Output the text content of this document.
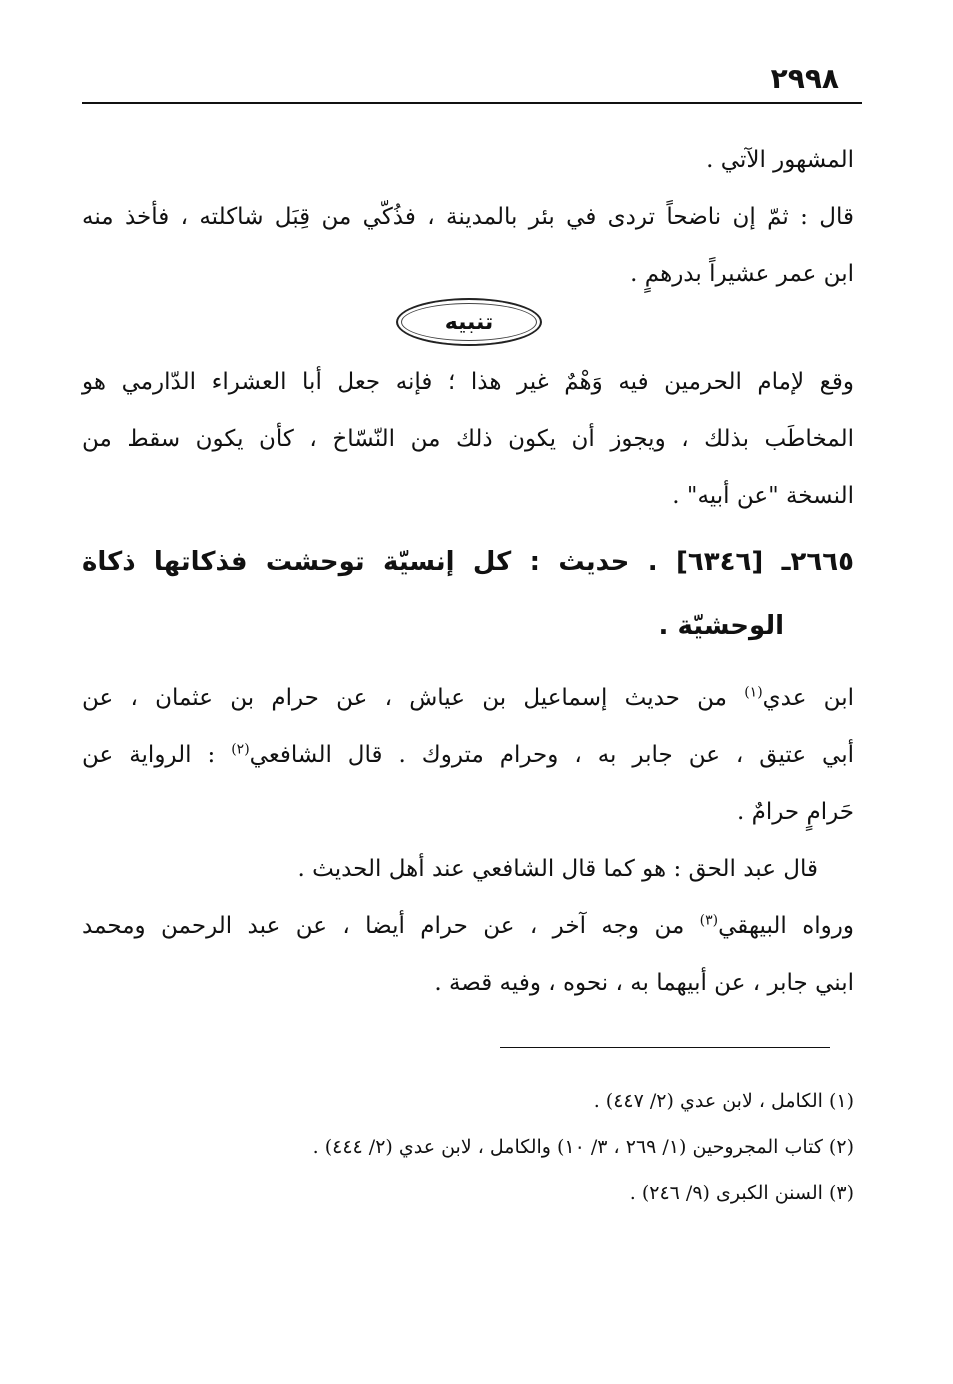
٢٩٩٨
المشهور الآتي .
قال : ثمّ إن ناضحاً تردى في بئر بالمدينة ، فذُكّي من قِبَل شاكلته ، فأخذ منه
ابن عمر عشيراً بدرهمٍ .
تنبيه
وقع لإمام الحرمين فيه وَهْمٌ غير هذا ؛ فإنه جعل أبا العشراء الدّارمي هو
المخاطَب بذلك ، ويجوز أن يكون ذلك من النّسّاخ ، كأن يكون سقط من
النسخة "عن أبيه" .
٢٦٦٥ـ [٦٣٤٦] . حديث : كل إنسيّة توحشت فذكاتها ذكاة
الوحشيّة .
ابن عدي$^{(١)}$ من حديث إسماعيل بن عياش ، عن حرام بن عثمان ، عن
أبي عتيق ، عن جابر به ، وحرام متروك . قال الشافعي$^{(٢)}$ : الرواية عن
حَرامٍ حرامٌ .
قال عبد الحق : هو كما قال الشافعي عند أهل الحديث .
ورواه البيهقي$^{(٣)}$ من وجه آخر ، عن حرام أيضا ، عن عبد الرحمن ومحمد
ابني جابر ، عن أبيهما به ، نحوه ، وفيه قصة .
(١) الكامل ، لابن عدي (٢/ ٤٤٧) .
(٢) كتاب المجروحين (١/ ٢٦٩ ، ٣/ ١٠) والكامل ، لابن عدي (٢/ ٤٤٤) .
(٣) السنن الكبرى (٩/ ٢٤٦) .
